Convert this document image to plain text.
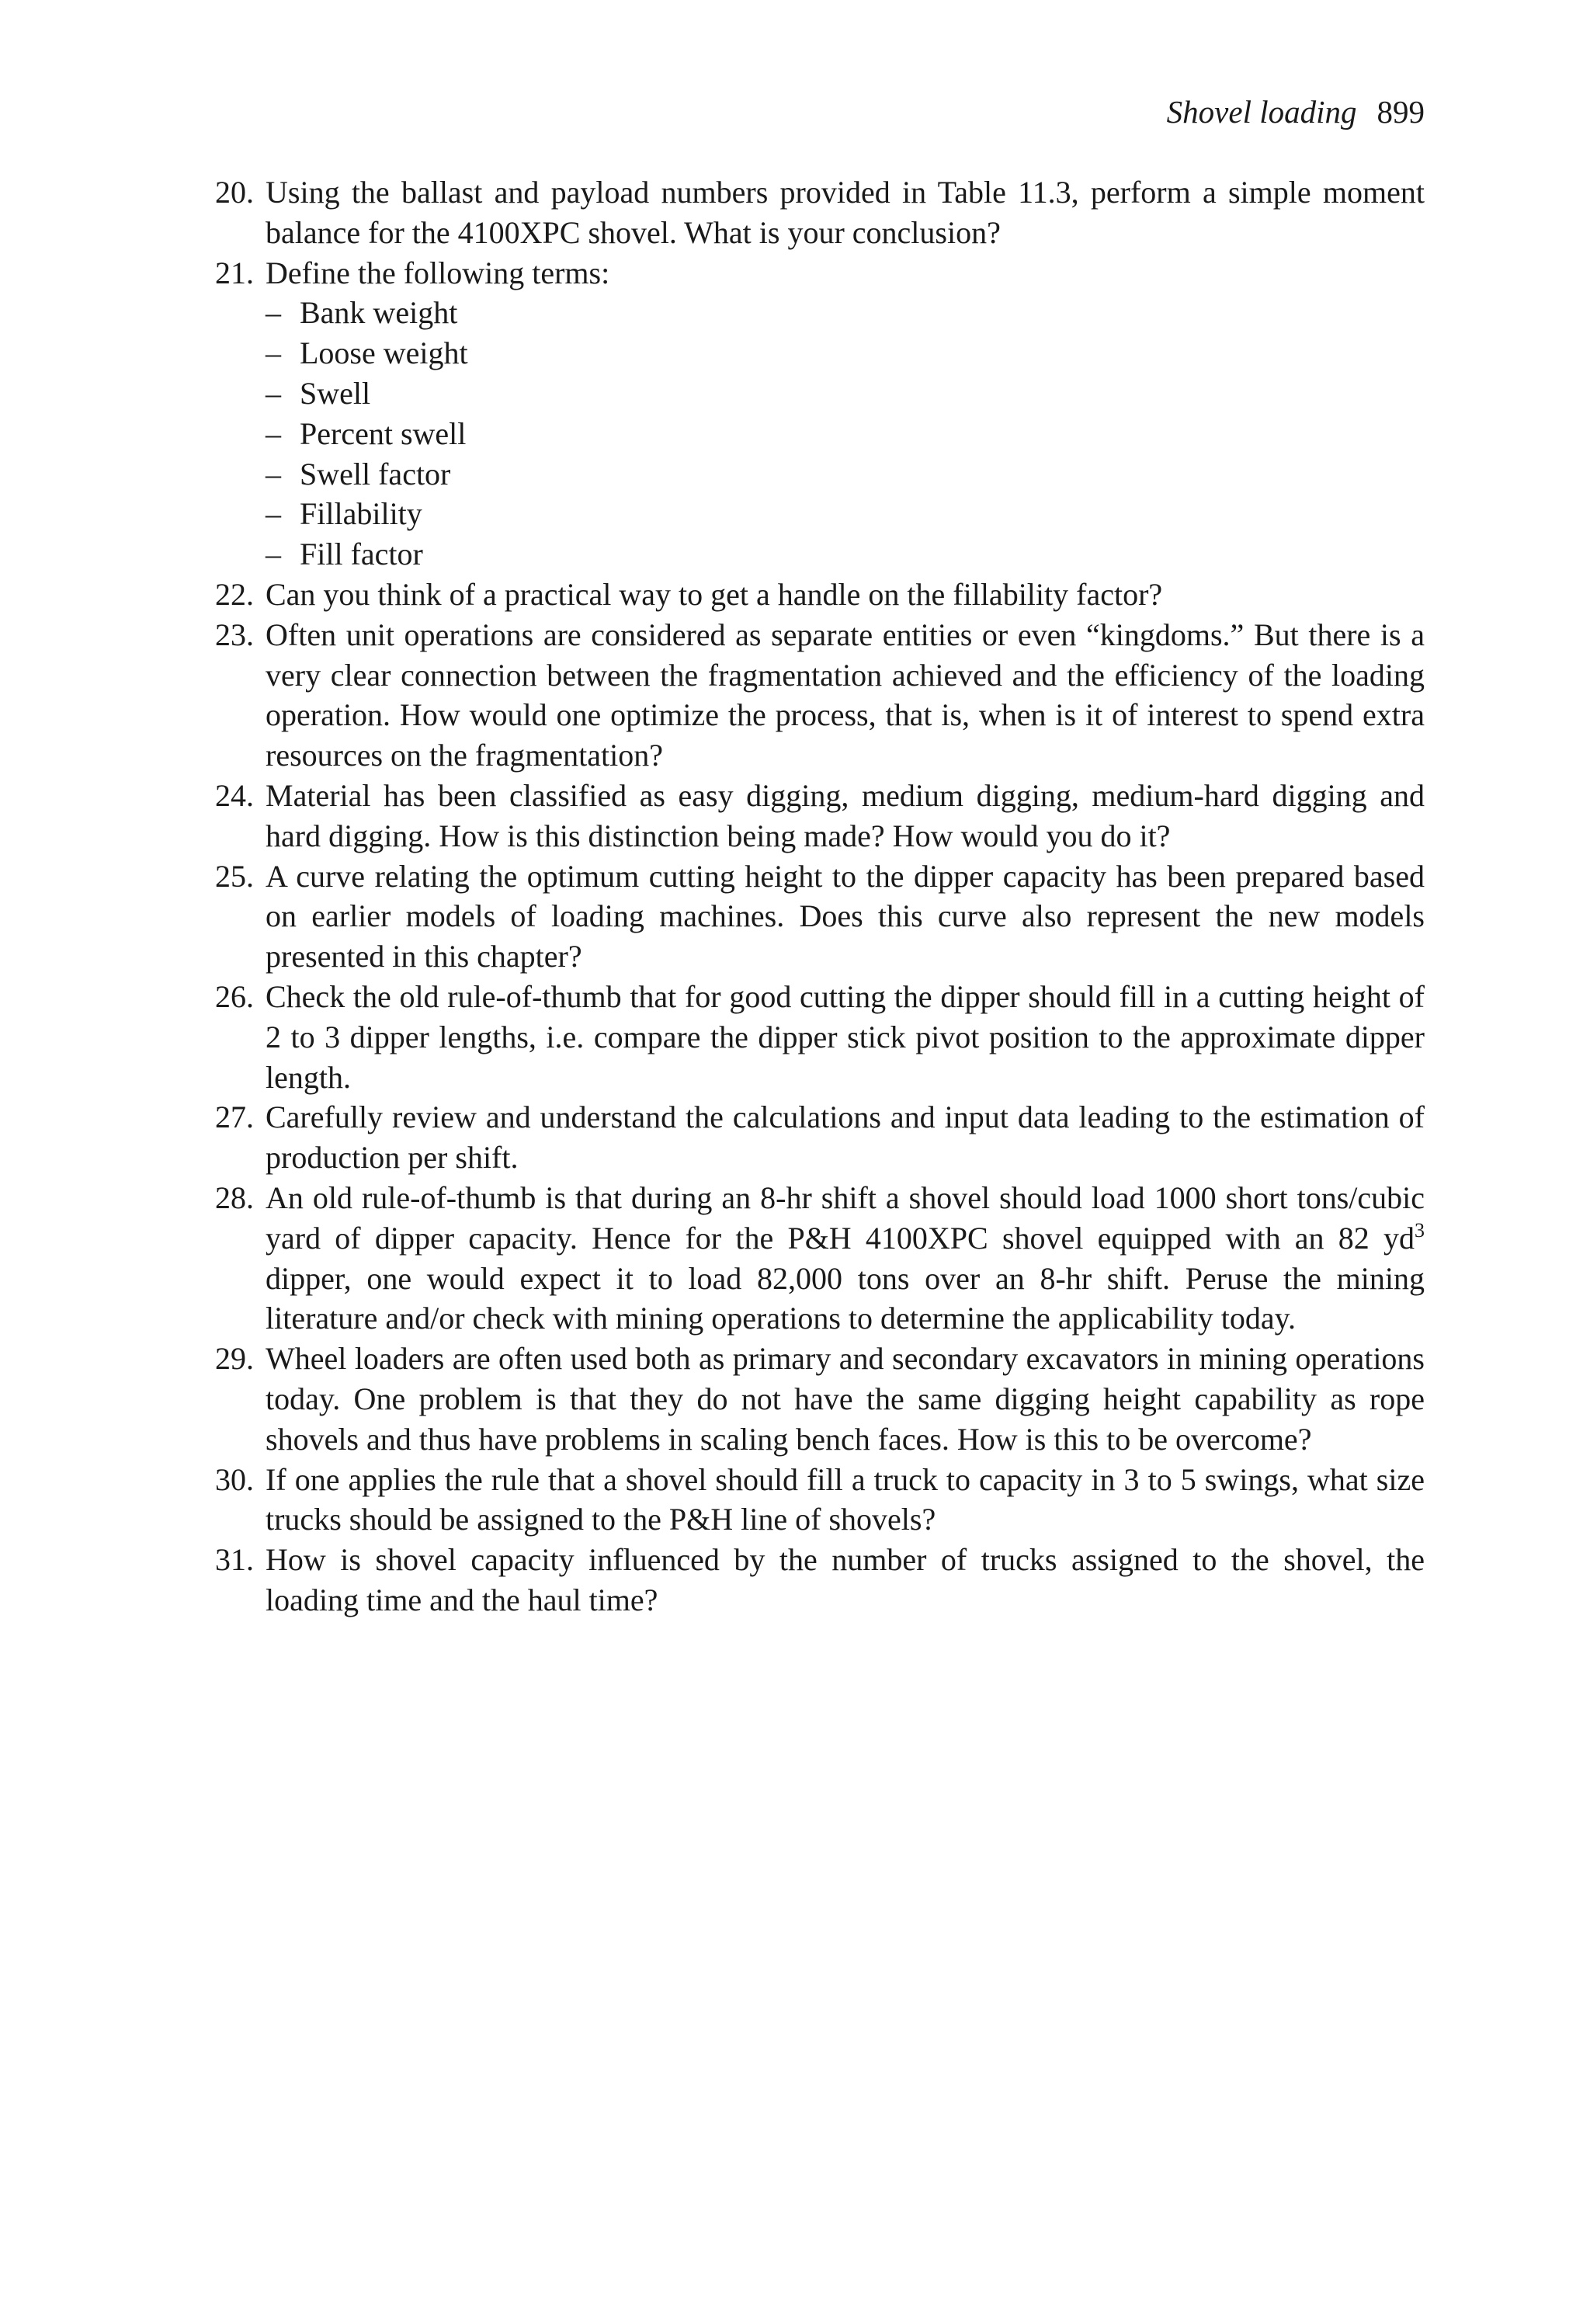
Shovel loading 899
20. Using the ballast and payload numbers provided in Table 11.3, perform a simple moment balance for the 4100XPC shovel. What is your conclusion?
21. Define the following terms:
– Bank weight
– Loose weight
– Swell
– Percent swell
– Swell factor
– Fillability
– Fill factor
22. Can you think of a practical way to get a handle on the fillability factor?
23. Often unit operations are considered as separate entities or even “kingdoms.” But there is a very clear connection between the fragmentation achieved and the efficiency of the loading operation. How would one optimize the process, that is, when is it of interest to spend extra resources on the fragmentation?
24. Material has been classified as easy digging, medium digging, medium-hard digging and hard digging. How is this distinction being made? How would you do it?
25. A curve relating the optimum cutting height to the dipper capacity has been prepared based on earlier models of loading machines. Does this curve also represent the new models presented in this chapter?
26. Check the old rule-of-thumb that for good cutting the dipper should fill in a cutting height of 2 to 3 dipper lengths, i.e. compare the dipper stick pivot position to the approximate dipper length.
27. Carefully review and understand the calculations and input data leading to the estimation of production per shift.
28. An old rule-of-thumb is that during an 8-hr shift a shovel should load 1000 short tons/cubic yard of dipper capacity. Hence for the P&H 4100XPC shovel equipped with an 82 $yd^3$ dipper, one would expect it to load 82,000 tons over an 8-hr shift. Peruse the mining literature and/or check with mining operations to determine the applicability today.
29. Wheel loaders are often used both as primary and secondary excavators in mining operations today. One problem is that they do not have the same digging height capability as rope shovels and thus have problems in scaling bench faces. How is this to be overcome?
30. If one applies the rule that a shovel should fill a truck to capacity in 3 to 5 swings, what size trucks should be assigned to the P&H line of shovels?
31. How is shovel capacity influenced by the number of trucks assigned to the shovel, the loading time and the haul time?
